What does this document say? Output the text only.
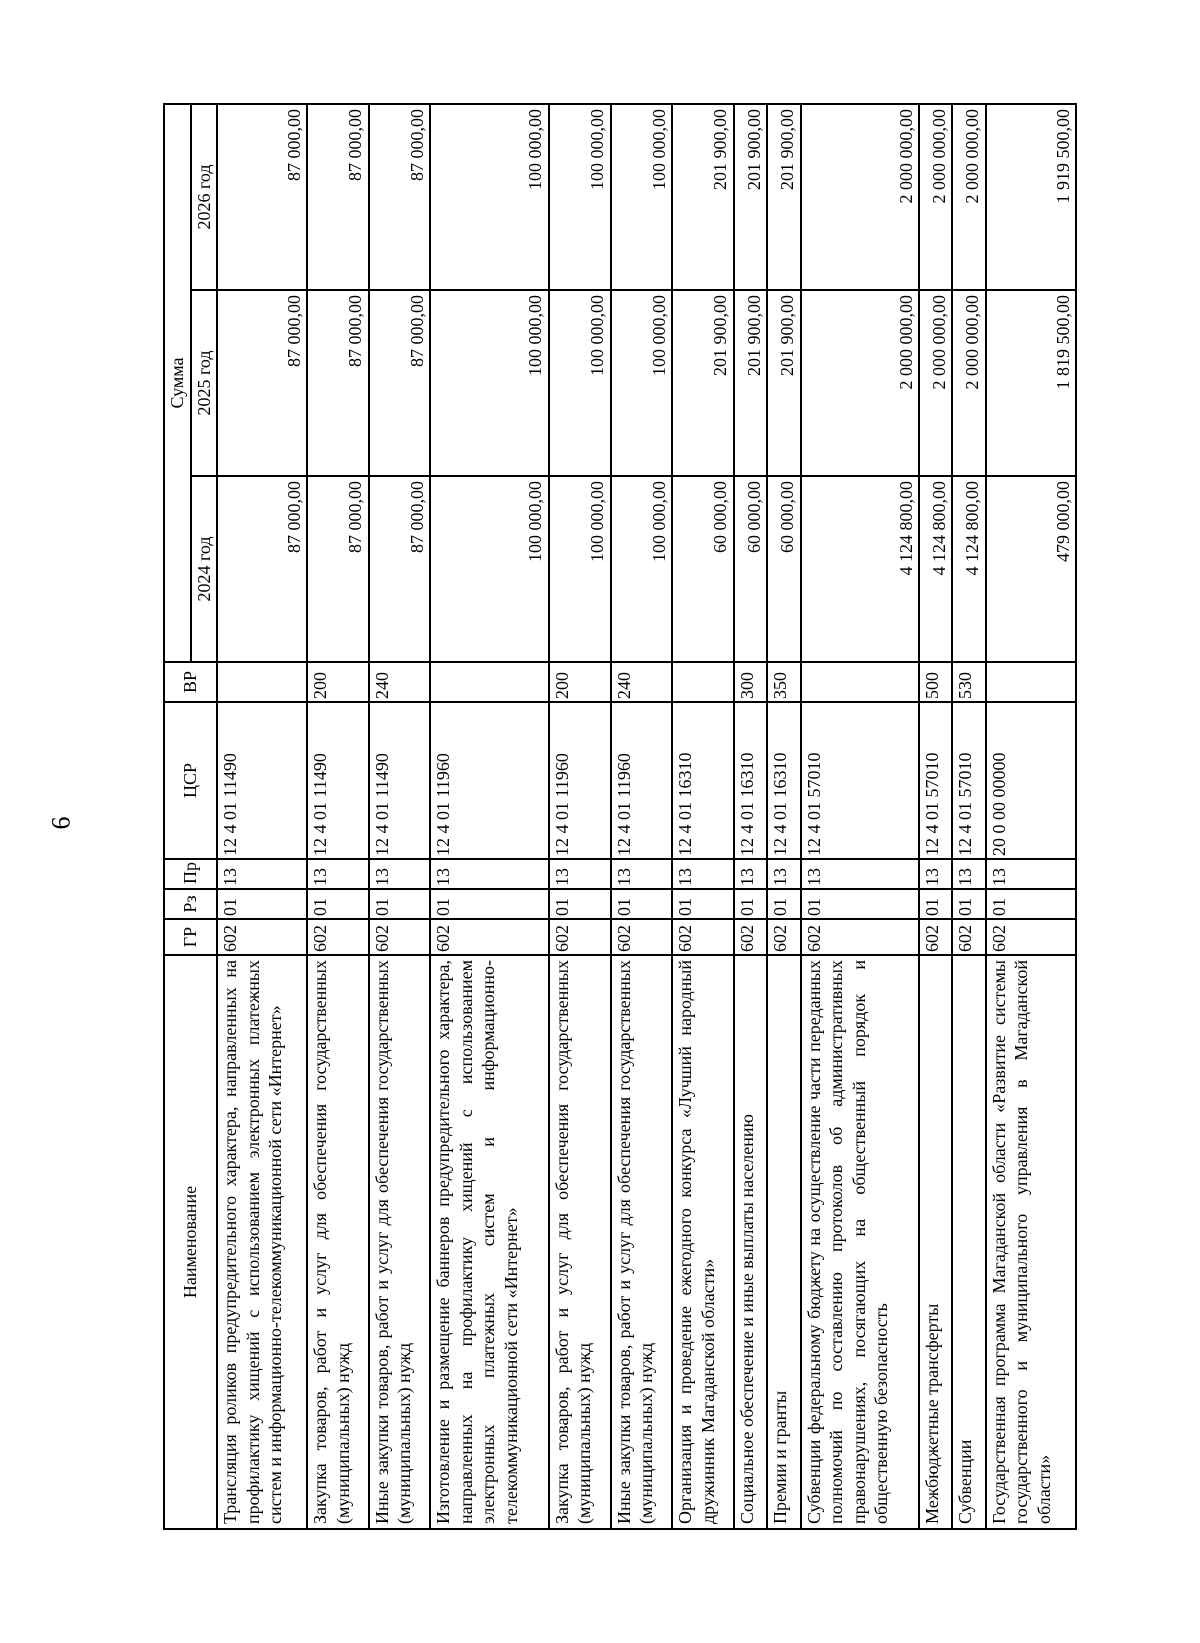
6
Наименование	ГР	Рз	Пр	ЦСР	ВР	Сумма		
						2024 год	2025 год	2026 год
Трансляция роликов предупредительного характера, направленных на профилактику хищений с использованием электронных платежных систем и информационно-телекоммуникационной сети «Интернет»	602	01	13	12 4 01 11490		87 000,00	87 000,00	87 000,00
Закупка товаров, работ и услуг для обеспечения государственных (муниципальных) нужд	602	01	13	12 4 01 11490	200	87 000,00	87 000,00	87 000,00
Иные закупки товаров, работ и услуг для обеспечения государственных (муниципальных) нужд	602	01	13	12 4 01 11490	240	87 000,00	87 000,00	87 000,00
Изготовление и размещение баннеров предупредительного характера, направленных на профилактику хищений с использованием электронных платежных систем и информационно-телекоммуникационной сети «Интернет»	602	01	13	12 4 01 11960		100 000,00	100 000,00	100 000,00
Закупка товаров, работ и услуг для обеспечения государственных (муниципальных) нужд	602	01	13	12 4 01 11960	200	100 000,00	100 000,00	100 000,00
Иные закупки товаров, работ и услуг для обеспечения государственных (муниципальных) нужд	602	01	13	12 4 01 11960	240	100 000,00	100 000,00	100 000,00
Организация и проведение ежегодного конкурса «Лучший народный дружинник Магаданской области»	602	01	13	12 4 01 16310		60 000,00	201 900,00	201 900,00
Социальное обеспечение и иные выплаты населению	602	01	13	12 4 01 16310	300	60 000,00	201 900,00	201 900,00
Премии и гранты	602	01	13	12 4 01 16310	350	60 000,00	201 900,00	201 900,00
Субвенции федеральному бюджету на осуществление части переданных полномочий по составлению протоколов об административных правонарушениях, посягающих на общественный порядок и общественную безопасность	602	01	13	12 4 01 57010		4 124 800,00	2 000 000,00	2 000 000,00
Межбюджетные трансферты	602	01	13	12 4 01 57010	500	4 124 800,00	2 000 000,00	2 000 000,00
Субвенции	602	01	13	12 4 01 57010	530	4 124 800,00	2 000 000,00	2 000 000,00
Государственная программа Магаданской области «Развитие системы государственного и муниципального управления в Магаданской области»	602	01	13	20 0 00 00000		479 000,00	1 819 500,00	1 919 500,00
